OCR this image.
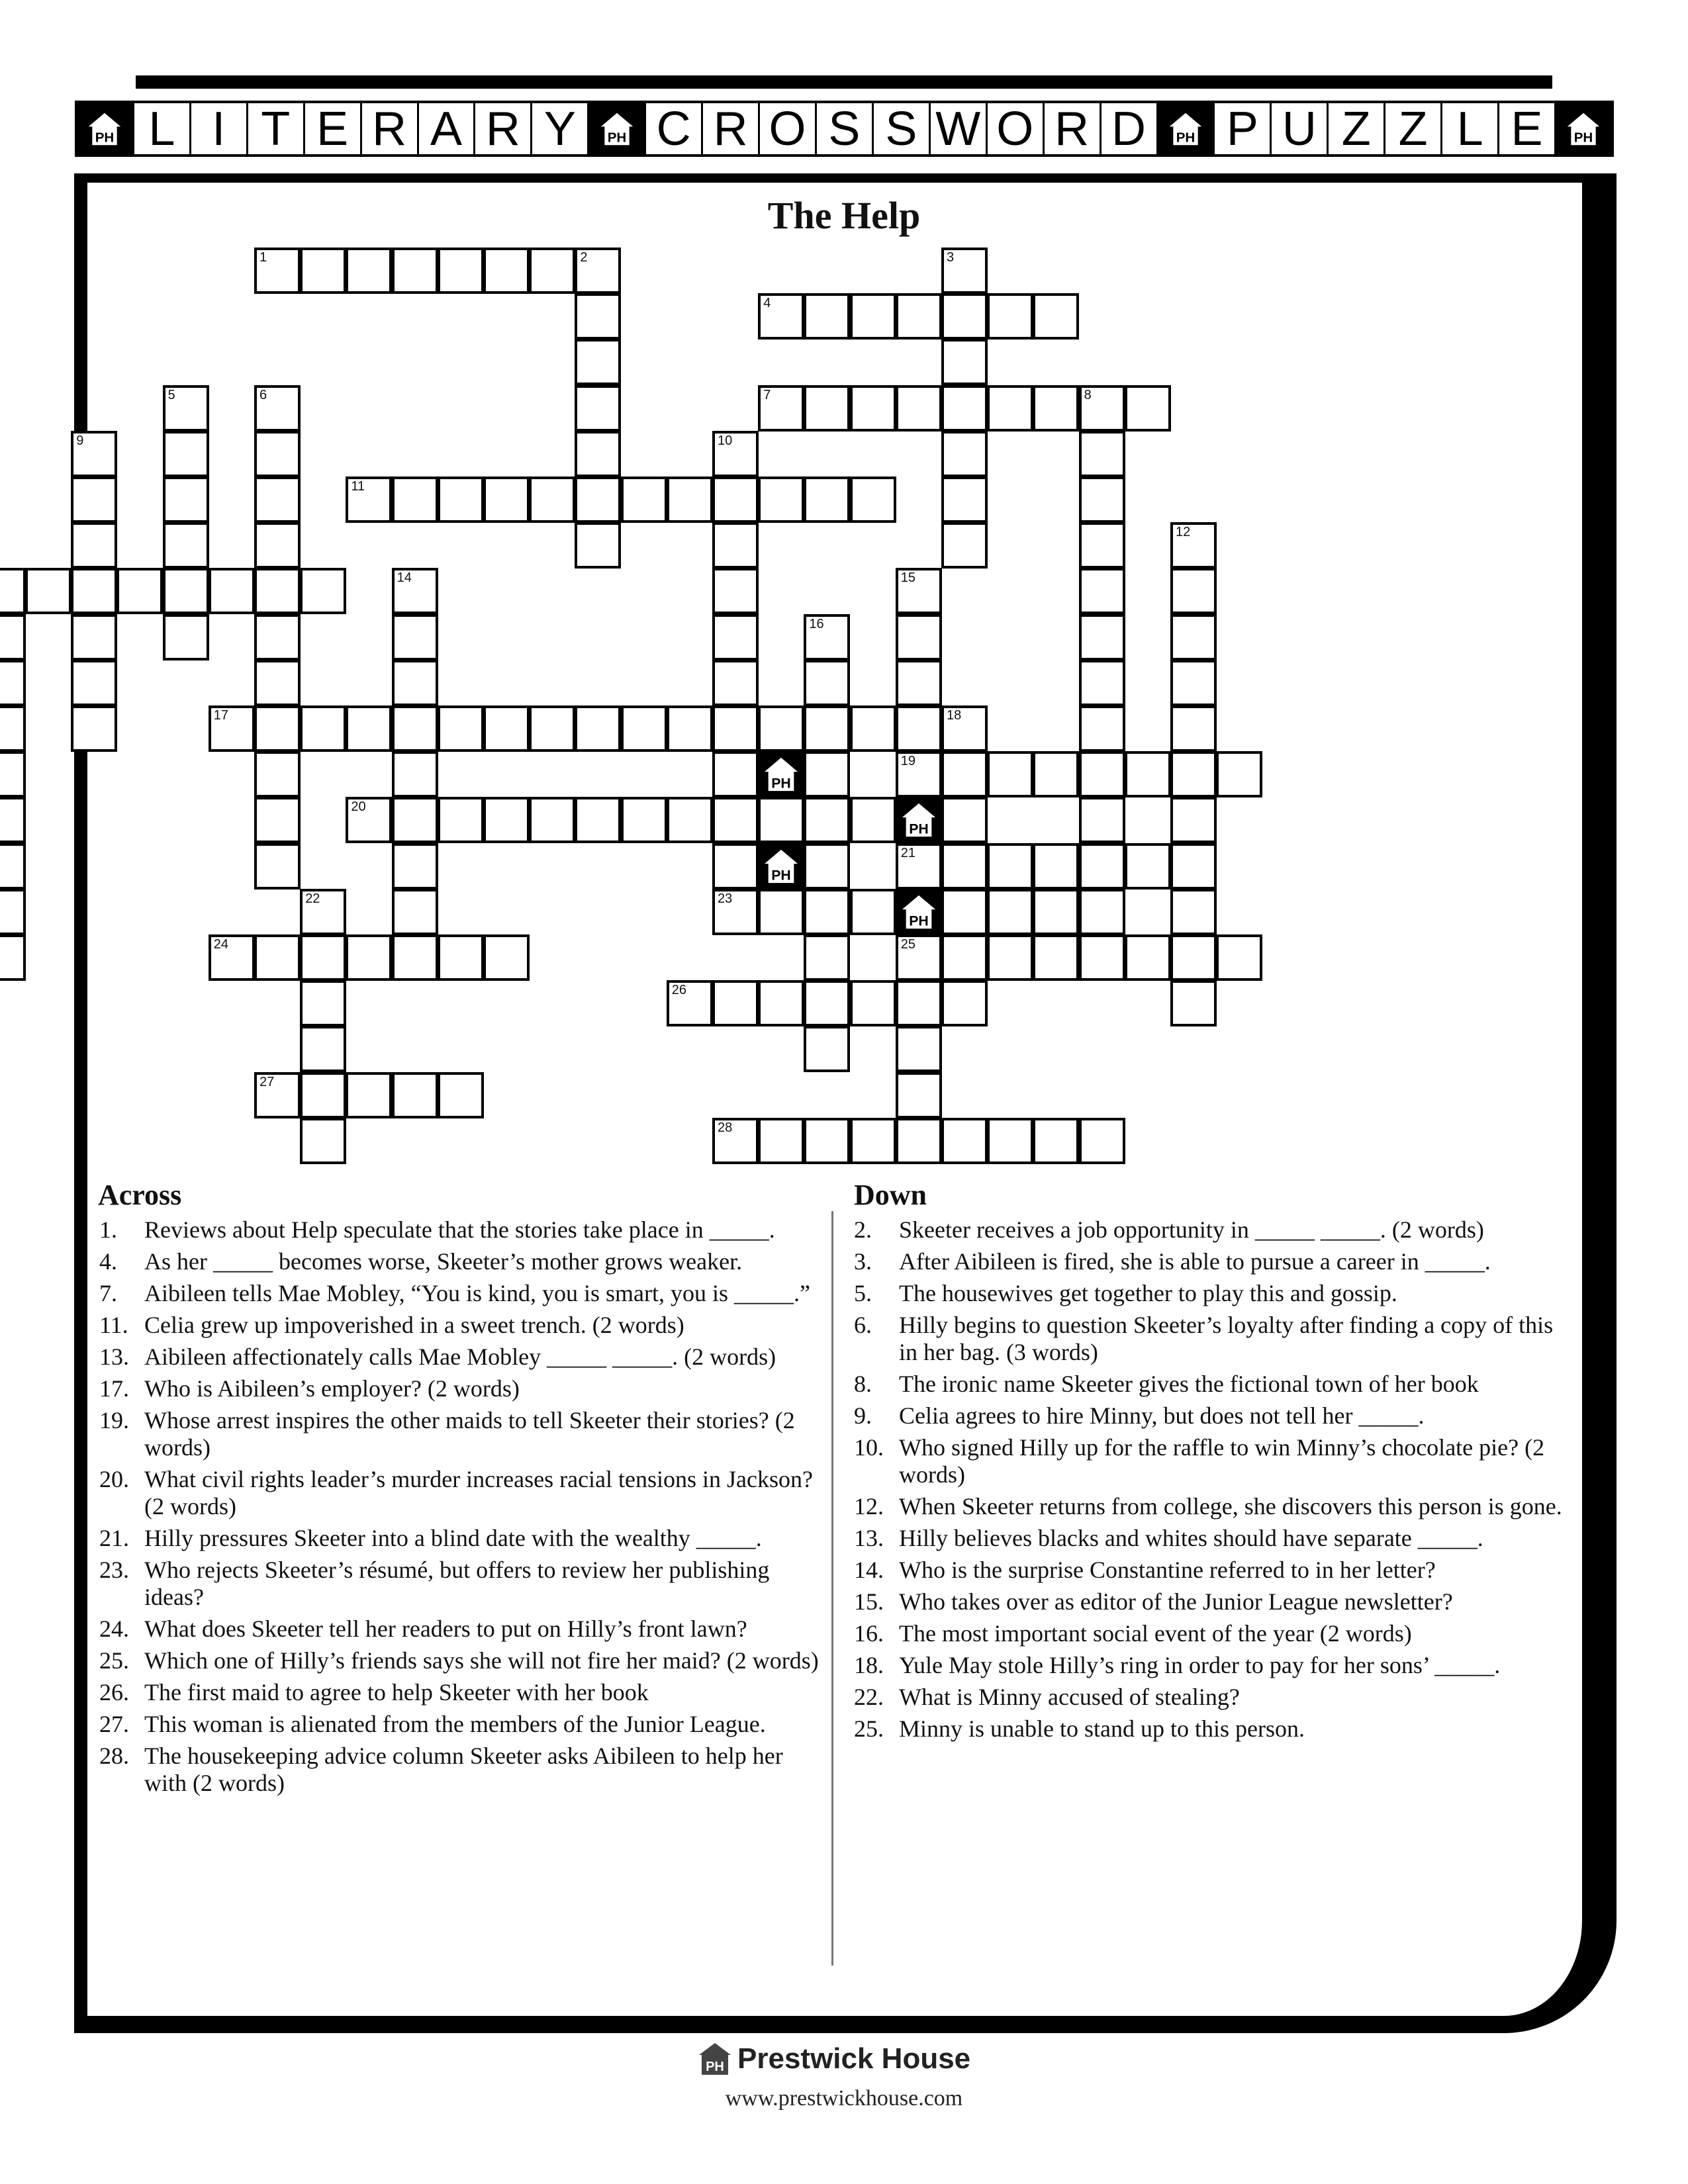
PH L I T E R A R Y	PH C R O S S W O R D	PH P U Z Z L E	PH
The Help
1	2	3
4
5	6	7	8
9	10
11
12
14	15
16
17	18
19
20
21
22	23
24	25
26
27
28
PH
PH
PH
PH
Across
1.	Reviews about Help speculate that the stories take place in _____.
4.	As her _____ becomes worse, Skeeter’s mother grows weaker.
7.	Aibileen tells Mae Mobley, “You is kind, you is smart, you is _____.”
11. Celia grew up impoverished in a sweet trench. (2 words)
13. Aibileen affectionately calls Mae Mobley _____ _____. (2 words)
17. Who is Aibileen’s employer? (2 words)
19. Whose arrest inspires the other maids to tell Skeeter their stories? (2 words)
20. What civil rights leader’s murder increases racial tensions in Jackson? (2 words)
21. Hilly pressures Skeeter into a blind date with the wealthy _____.
23. Who rejects Skeeter’s résumé, but offers to review her publishing ideas?
24. What does Skeeter tell her readers to put on Hilly’s front lawn?
25. Which one of Hilly’s friends says she will not fire her maid? (2 words)
26. The first maid to agree to help Skeeter with her book
27. This woman is alienated from the members of the Junior League.
28. The housekeeping advice column Skeeter asks Aibileen to help her with (2 words)
Down
2.	Skeeter receives a job opportunity in _____ _____. (2 words)
3.	After Aibileen is fired, she is able to pursue a career in _____.
5.	The housewives get together to play this and gossip.
6.	Hilly begins to question Skeeter’s loyalty after finding a copy of this in her bag. (3 words)
8.	The ironic name Skeeter gives the fictional town of her book
9.	Celia agrees to hire Minny, but does not tell her _____.
10. Who signed Hilly up for the raffle to win Minny’s chocolate pie? (2 words)
12. When Skeeter returns from college, she discovers this person is gone.
13. Hilly believes blacks and whites should have separate _____.
14. Who is the surprise Constantine referred to in her letter?
15. Who takes over as editor of the Junior League newsletter?
16. The most important social event of the year (2 words)
18. Yule May stole Hilly’s ring in order to pay for her sons’ _____.
22. What is Minny accused of stealing?
25. Minny is unable to stand up to this person.
PH Prestwick House
www.prestwickhouse.com
